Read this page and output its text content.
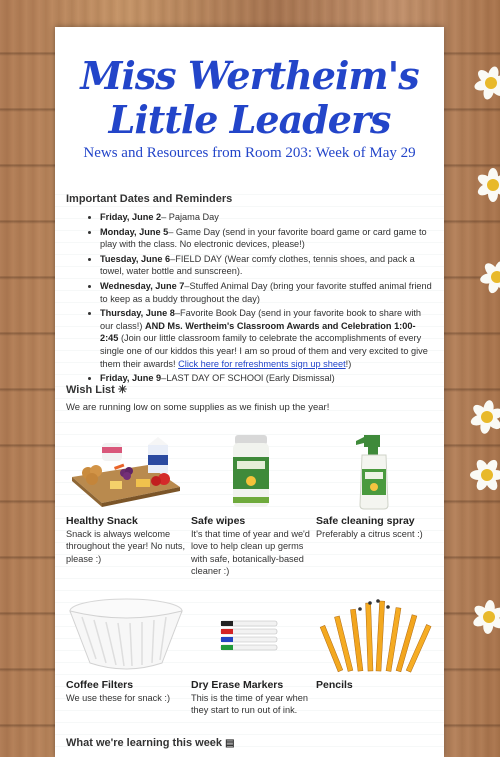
Miss Wertheim's
Little Leaders
News and Resources from Room 203: Week of May 29
Important Dates and Reminders
• Friday, June 2– Pajama Day
• Monday, June 5– Game Day (send in your favorite board game or card game to play with the class. No electronic devices, please!)
• Tuesday, June 6–FIELD DAY (Wear comfy clothes, tennis shoes, and pack a towel, water bottle and sunscreen).
• Wednesday, June 7–Stuffed Animal Day (bring your favorite stuffed animal friend to keep as a buddy throughout the day)
• Thursday, June 8–Favorite Book Day (send in your favorite book to share with our class!) AND Ms. Wertheim's Classroom Awards and Celebration 1:00-2:45 (Join our little classroom family to celebrate the accomplishments of every single one of our kiddos this year! I am so proud of them and very excited to give them their awards! Click here for refreshments sign up sheet!)
• Friday, June 9–LAST DAY OF SCHOOl (Early Dismissal)
Wish List ✳
We are running low on some supplies as we finish up the year!
Healthy Snack
Snack is always welcome throughout the year! No nuts, please :)
Safe wipes
It's that time of year and we'd love to help clean up germs with safe, botanically-based cleaner :)
Safe cleaning spray
Preferably a citrus scent :)
Coffee Filters
We use these for snack :)
Dry Erase Markers
This is the time of year when they start to run out of ink.
Pencils
What we're learning this week ▤
